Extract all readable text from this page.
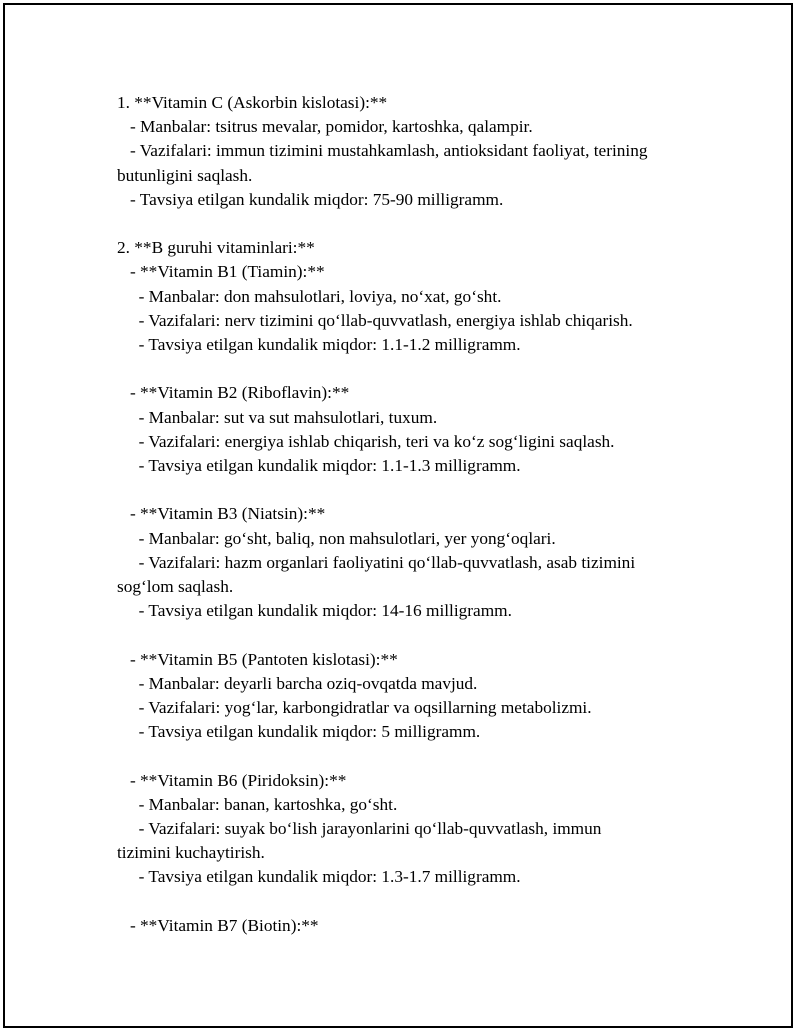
1. **Vitamin C (Askorbin kislotasi):**
- Manbalar: tsitrus mevalar, pomidor, kartoshka, qalampir.
- Vazifalari: immun tizimini mustahkamlash, antioksidant faoliyat, terining
butunligini saqlash.
- Tavsiya etilgan kundalik miqdor: 75-90 milligramm.
2. **B guruhi vitaminlari:**
- **Vitamin B1 (Tiamin):**
- Manbalar: don mahsulotlari, loviya, no‘xat, go‘sht.
- Vazifalari: nerv tizimini qo‘llab-quvvatlash, energiya ishlab chiqarish.
- Tavsiya etilgan kundalik miqdor: 1.1-1.2 milligramm.
- **Vitamin B2 (Riboflavin):**
- Manbalar: sut va sut mahsulotlari, tuxum.
- Vazifalari: energiya ishlab chiqarish, teri va ko‘z sog‘ligini saqlash.
- Tavsiya etilgan kundalik miqdor: 1.1-1.3 milligramm.
- **Vitamin B3 (Niatsin):**
- Manbalar: go‘sht, baliq, non mahsulotlari, yer yong‘oqlari.
- Vazifalari: hazm organlari faoliyatini qo‘llab-quvvatlash, asab tizimini
sog‘lom saqlash.
- Tavsiya etilgan kundalik miqdor: 14-16 milligramm.
- **Vitamin B5 (Pantoten kislotasi):**
- Manbalar: deyarli barcha oziq-ovqatda mavjud.
- Vazifalari: yog‘lar, karbongidratlar va oqsillarning metabolizmi.
- Tavsiya etilgan kundalik miqdor: 5 milligramm.
- **Vitamin B6 (Piridoksin):**
- Manbalar: banan, kartoshka, go‘sht.
- Vazifalari: suyak bo‘lish jarayonlarini qo‘llab-quvvatlash, immun
tizimini kuchaytirish.
- Tavsiya etilgan kundalik miqdor: 1.3-1.7 milligramm.
- **Vitamin B7 (Biotin):**
